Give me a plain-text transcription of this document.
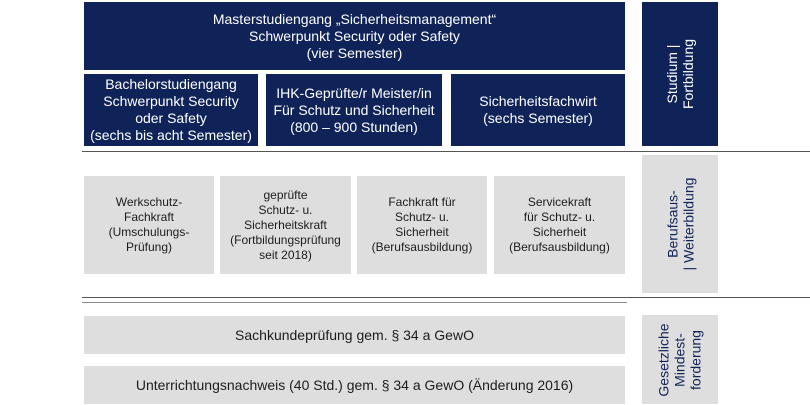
Masterstudiengang „Sicherheitsmanagement“
Schwerpunkt Security oder Safety
(vier Semester)
Bachelorstudiengang
Schwerpunkt Security
oder Safety
(sechs bis acht Semester)
IHK-Geprüfte/r Meister/in
Für Schutz und Sicherheit
(800 – 900 Stunden)
Sicherheitsfachwirt
(sechs Semester)
Studium |
Fortbildung
Werkschutz-
Fachkraft
(Umschulungs-
Prüfung)
geprüfte
Schutz- u.
Sicherheitskraft
(Fortbildungsprüfung
seit 2018)
Fachkraft für
Schutz- u.
Sicherheit
(Berufsausbildung)
Servicekraft
für Schutz- u.
Sicherheit
(Berufsausbildung)	Berufsaus-
| Weiterbildung
Sachkundeprüfung gem. § 34 a GewO
Unterrichtungsnachweis (40 Std.) gem. § 34 a GewO (Änderung 2016)	Gesetzliche
Mindest-
forderung
